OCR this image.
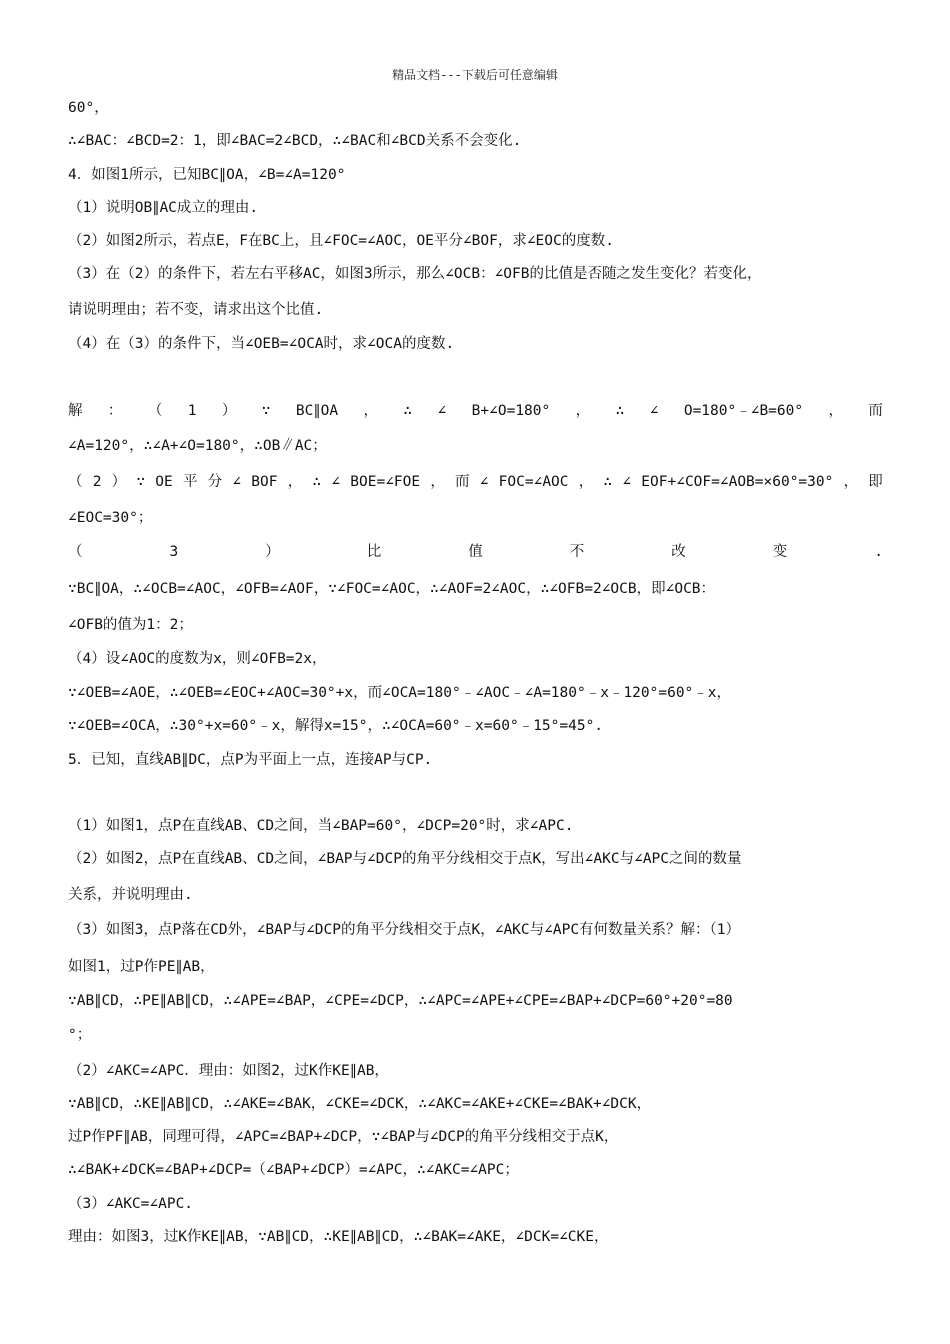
精品文档---下载后可任意编辑
60°，
∴∠BAC：∠BCD=2：1，即∠BAC=2∠BCD，∴∠BAC和∠BCD关系不会变化.
4．如图1所示，已知BC∥OA，∠B=∠A=120°
（1）说明OB∥AC成立的理由.
（2）如图2所示，若点E，F在BC上，且∠FOC=∠AOC，OE平分∠BOF，求∠EOC的度数.
（3）在（2）的条件下，若左右平移AC，如图3所示，那么∠OCB：∠OFB的比值是否随之发生变化？若变化，
请说明理由；若不变，请求出这个比值.
（4）在（3）的条件下，当∠OEB=∠OCA时，求∠OCA的度数.
解 ： （ 1 ） ∵ BC∥OA ， ∴ ∠ B+∠O=180° ， ∴ ∠ O=180°﹣∠B=60° ， 而
∠A=120°，∴∠A+∠O=180°，∴OB∥AC；
（ 2 ） ∵ OE 平 分 ∠ BOF ， ∴ ∠ BOE=∠FOE ， 而 ∠ FOC=∠AOC ， ∴ ∠ EOF+∠COF=∠AOB=×60°=30° ， 即
∠EOC=30°；
（	3	）	比	值	不	改	变	.
∵BC∥OA，∴∠OCB=∠AOC，∠OFB=∠AOF，∵∠FOC=∠AOC，∴∠AOF=2∠AOC，∴∠OFB=2∠OCB，即∠OCB：
∠OFB的值为1：2；
（4）设∠AOC的度数为x，则∠OFB=2x，
∵∠OEB=∠AOE，∴∠OEB=∠EOC+∠AOC=30°+x，而∠OCA=180°﹣∠AOC﹣∠A=180°﹣x﹣120°=60°﹣x，
∵∠OEB=∠OCA，∴30°+x=60°﹣x，解得x=15°，∴∠OCA=60°﹣x=60°﹣15°=45°.
5．已知，直线AB∥DC，点P为平面上一点，连接AP与CP.
（1）如图1，点P在直线AB、CD之间，当∠BAP=60°，∠DCP=20°时，求∠APC.
（2）如图2，点P在直线AB、CD之间，∠BAP与∠DCP的角平分线相交于点K，写出∠AKC与∠APC之间的数量
关系，并说明理由.
（3）如图3，点P落在CD外，∠BAP与∠DCP的角平分线相交于点K，∠AKC与∠APC有何数量关系？解：（1）
如图1，过P作PE∥AB，
∵AB∥CD，∴PE∥AB∥CD，∴∠APE=∠BAP，∠CPE=∠DCP，∴∠APC=∠APE+∠CPE=∠BAP+∠DCP=60°+20°=80
°；
（2）∠AKC=∠APC．理由：如图2，过K作KE∥AB，
∵AB∥CD，∴KE∥AB∥CD，∴∠AKE=∠BAK，∠CKE=∠DCK，∴∠AKC=∠AKE+∠CKE=∠BAK+∠DCK，
过P作PF∥AB，同理可得，∠APC=∠BAP+∠DCP，∵∠BAP与∠DCP的角平分线相交于点K，
∴∠BAK+∠DCK=∠BAP+∠DCP=（∠BAP+∠DCP）=∠APC，∴∠AKC=∠APC；
（3）∠AKC=∠APC.
理由：如图3，过K作KE∥AB，∵AB∥CD，∴KE∥AB∥CD，∴∠BAK=∠AKE，∠DCK=∠CKE，
